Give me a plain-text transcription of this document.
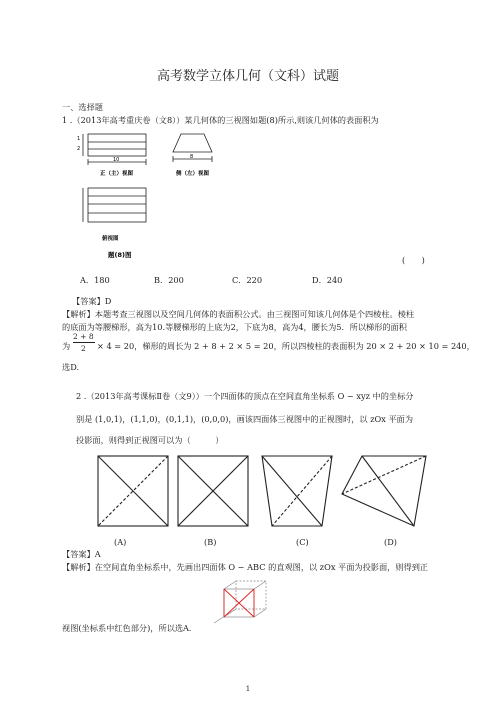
高考数学立体几何（文科）试题
一、选择题
1 .（2013年高考重庆卷（文8））某几何体的三视图如题(8)所示,则该几何体的表面积为
1
2
10
正（主）视图
8
侧（左）视图
俯视图
题(8)图	(　　)
A．180	B．200	C．220	D．240
【答案】D
【解析】本题考查三视图以及空间几何体的表面积公式。由三视图可知该几何体是个四棱柱。棱柱
的底面为等腰梯形，高为10.等腰梯形的上底为2，下底为8，高为4，腰长为5．所以梯形的面积
为
2 + 8
2 × 4 = 20，梯形的周长为 2 + 8 + 2 × 5 = 20，所以四棱柱的表面积为 20 × 2 + 20 × 10 = 240，
选D.
2 .（2013年高考课标Ⅱ卷（文9））一个四面体的顶点在空间直角坐标系 O − xyz 中的坐标分
别是 (1,0,1)，(1,1,0)，(0,1,1)，(0,0,0)，画该四面体三视图中的正视图时，以 zOx 平面为
投影面，则得到正视图可以为（　　　）
(A)	(B)	(C)	(D)
【答案】A
【解析】在空间直角坐标系中，先画出四面体 O − ABC 的直观图，以 zOx 平面为投影面，则得到正
视图(坐标系中红色部分)，所以选A．
1
